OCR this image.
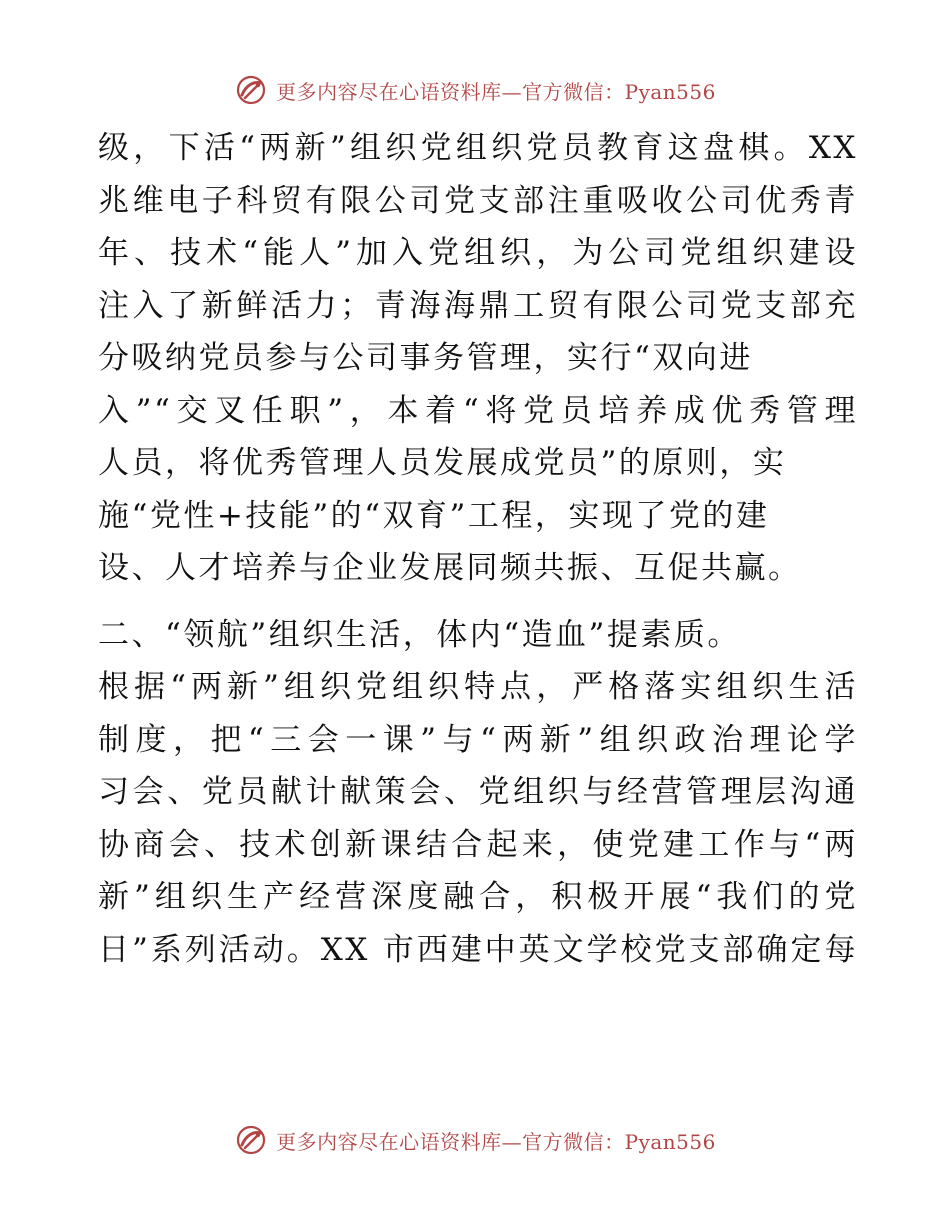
更多内容尽在心语资料库—官方微信：Pyan556
级，下活“两新”组织党组织党员教育这盘棋。XX
兆维电子科贸有限公司党支部注重吸收公司优秀青
年、技术“能人”加入党组织，为公司党组织建设
注入了新鲜活力；青海海鼎工贸有限公司党支部充
分吸纳党员参与公司事务管理，实行“双向进
入”“交叉任职”，本着“将党员培养成优秀管理
人员，将优秀管理人员发展成党员”的原则，实
施“党性+技能”的“双育”工程，实现了党的建
设、人才培养与企业发展同频共振、互促共赢。
二、“领航”组织生活，体内“造血”提素质。
根据“两新”组织党组织特点，严格落实组织生活
制度，把“三会一课”与“两新”组织政治理论学
习会、党员献计献策会、党组织与经营管理层沟通
协商会、技术创新课结合起来，使党建工作与“两
新”组织生产经营深度融合，积极开展“我们的党
日”系列活动。XX 市西建中英文学校党支部确定每
更多内容尽在心语资料库—官方微信：Pyan556
